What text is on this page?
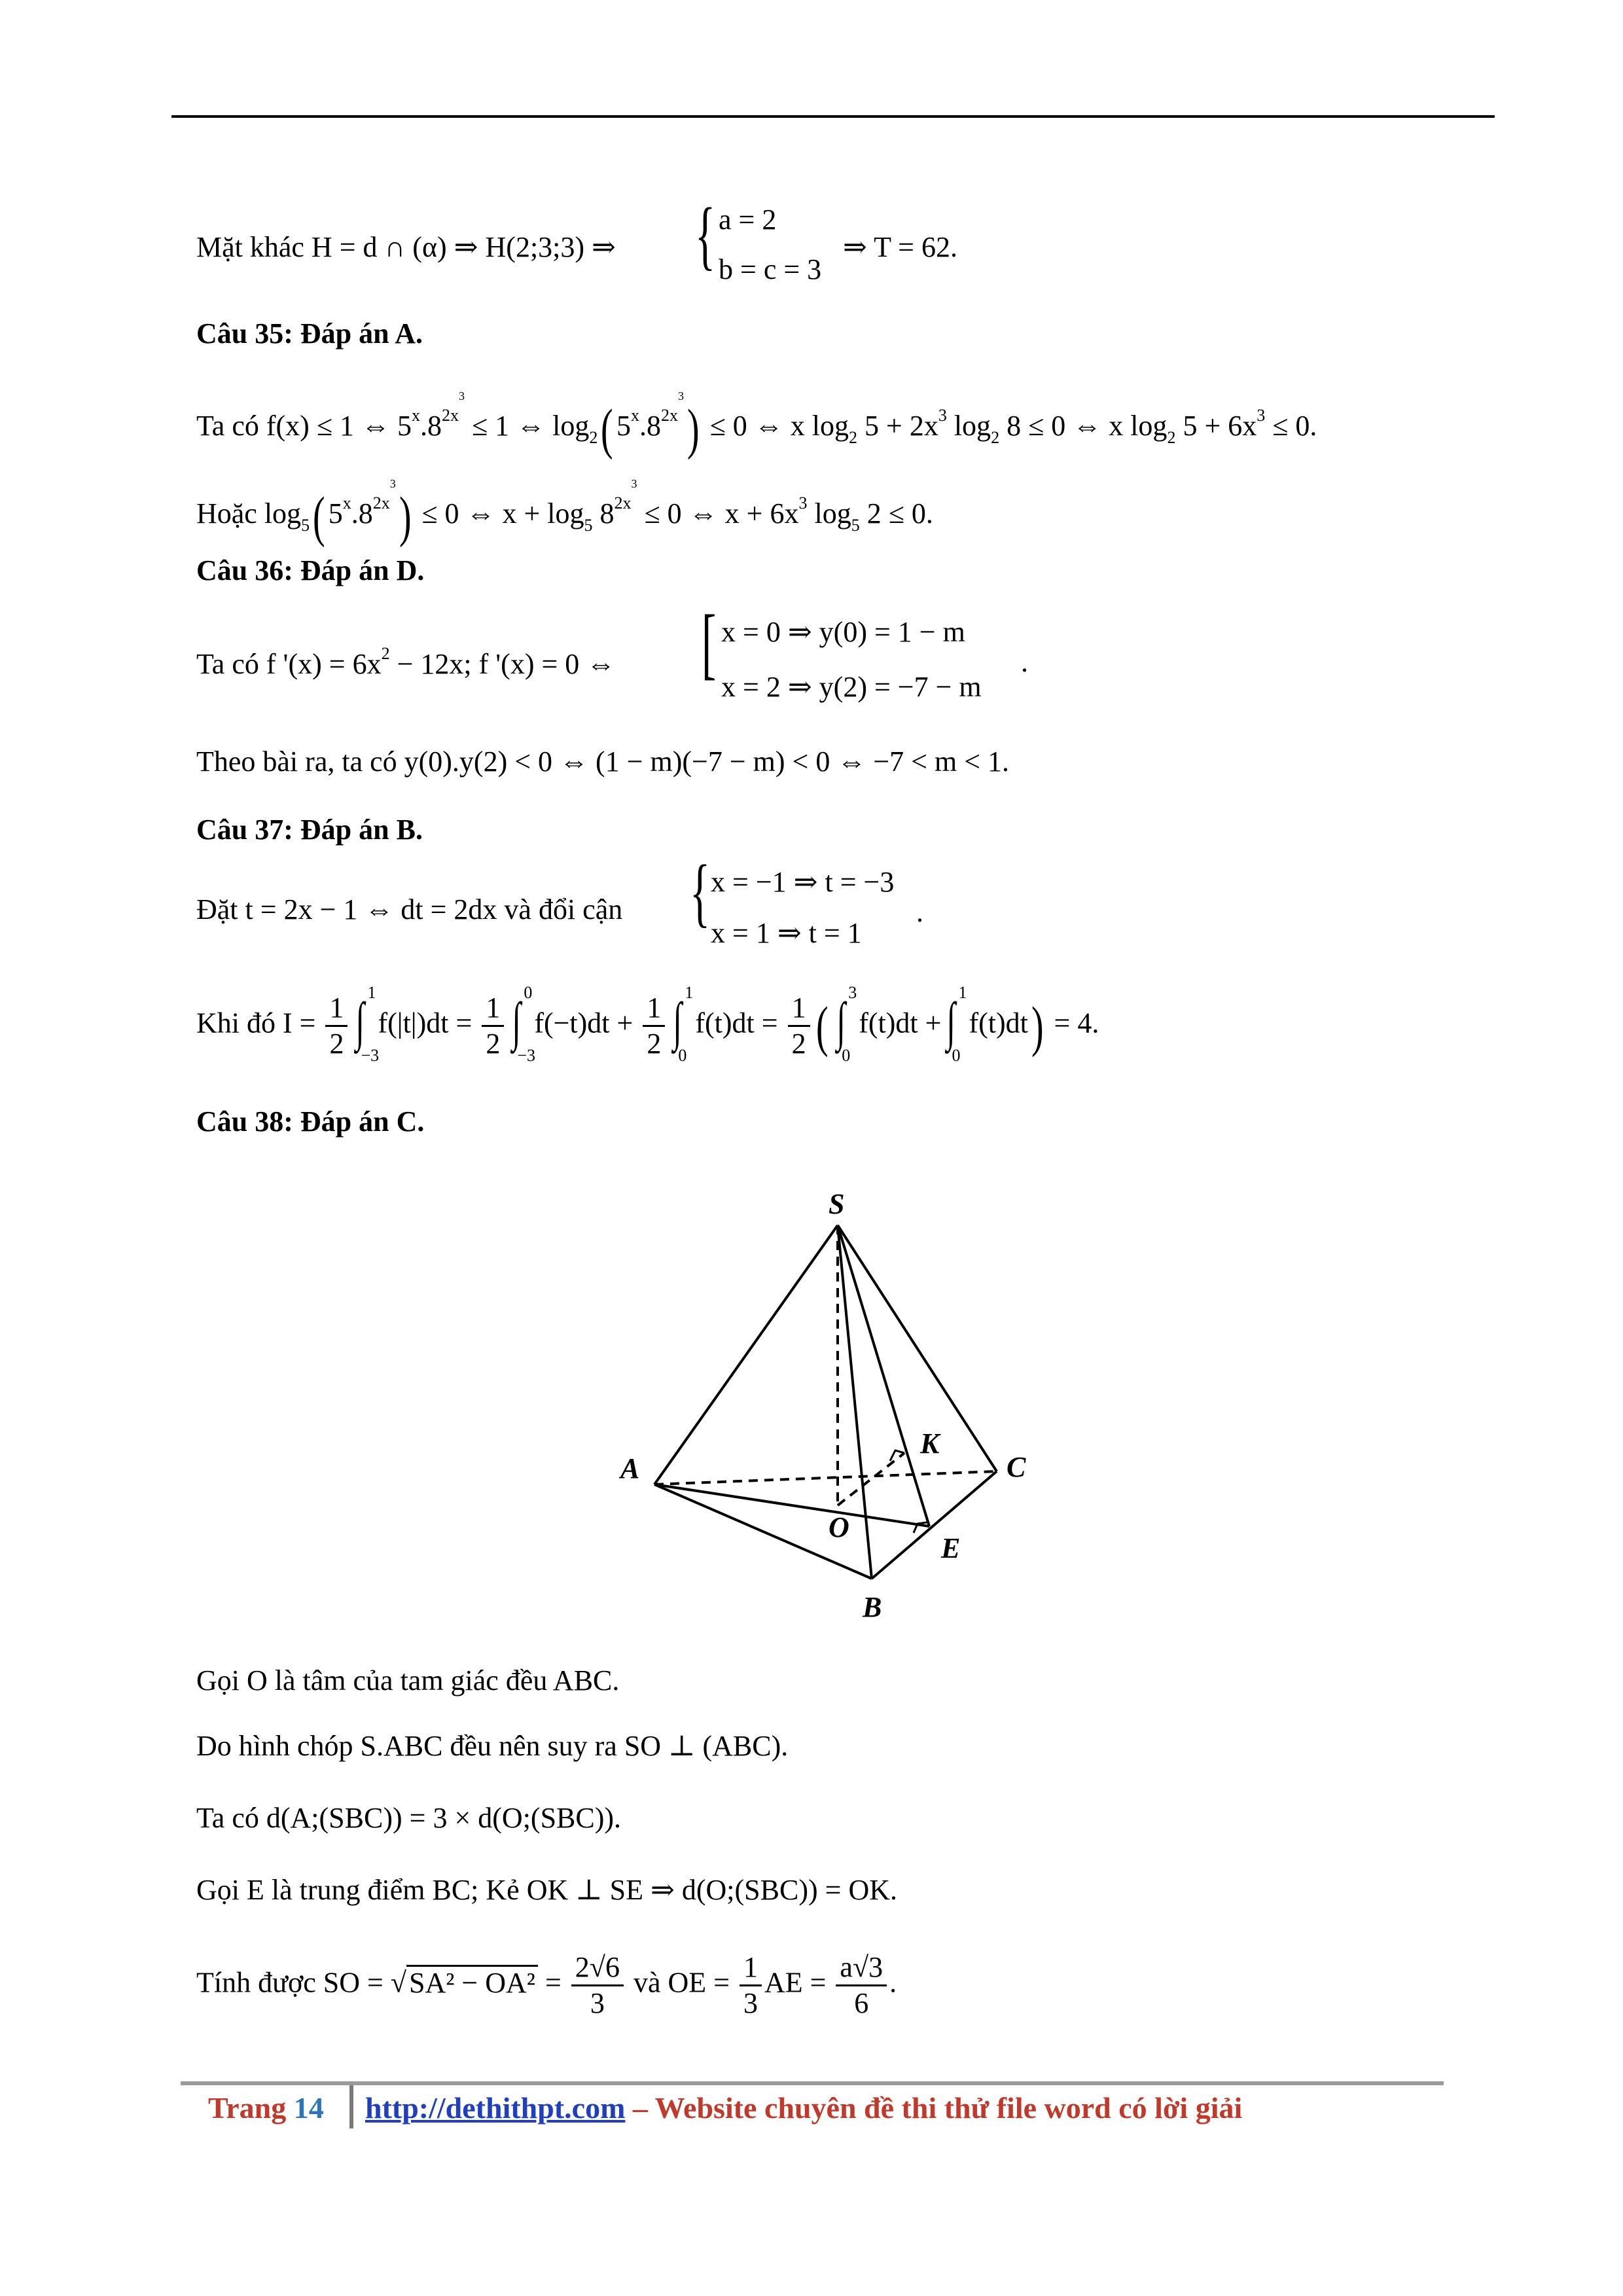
Mặt khác H = d ∩ (α) ⇒ H(2;3;3) ⇒ { a = 2
b = c = 3
⇒ T = 62.
Câu 35: Đáp án A.
Ta có f(x) ≤ 1 ⇔ $5^x.8^{2x^3} \le 1$ ⇔ $\log_2$( $5^x.8^{2x^3}) \le 0$ ⇔ x $\log_2 5 + 2x^3$ $\log_2 8 \le 0$ ⇔ x $\log_2 5 + 6x^3 \le 0$.
Hoặc $\log_5$( $5^x.8^{2x^3}) \le 0$ ⇔ $x + \log_5 8^{2x^3} \le 0$ ⇔ $x + 6x^3$ $\log_5 2 \le 0$.
Câu 36: Đáp án D.
Ta có f '$(x) = 6x^2 - 12x$; f '(x) = 0 ⇔ [ x = 0 ⇒ y(0) = 1 − m
x = 2 ⇒ y(2) = −7 − m
.
Theo bài ra, ta có y(0).y(2) < 0 ⇔ (1 − m)(−7 − m) < 0 ⇔ −7 < m < 1.
Câu 37: Đáp án B.
Đặt t = 2x − 1 ⇔ dt = 2dx và đổi cận { x = −1 ⇒ t = −3
x = 1 ⇒ t = 1
.
Khi đó $I = \frac{1}{2}$ ∫ 1
−3
$f(|t|)dt = \frac{1}{2}$ ∫ 0
−3
$f(-t)dt + \frac{1}{2}$ ∫ 1
0
$f(t)dt = \frac{1}{2}$ ( ∫ 3
0
f(t)dt + ∫ 1
0
f(t)dt) = 4.
Câu 38: Đáp án C.
S
A
B
C
O
K
E
Gọi O là tâm của tam giác đều ABC.
Do hình chóp S.ABC đều nên suy ra SO ⊥ (ABC).
Ta có d(A;(SBC)) = 3 × d(O;(SBC)).
Gọi E là trung điểm BC; Kẻ OK ⊥ SE ⇒ d(O;(SBC)) = OK.
Tính được SO = $√SA^2 - OA^2 = \frac{2√6}{3}$ và OE = $\frac{1}{3}$ AE = $\frac{a√3}{6}$ .
Trang 14 http://dethithpt.com – Website chuyên đề thi thử file word có lời giải
